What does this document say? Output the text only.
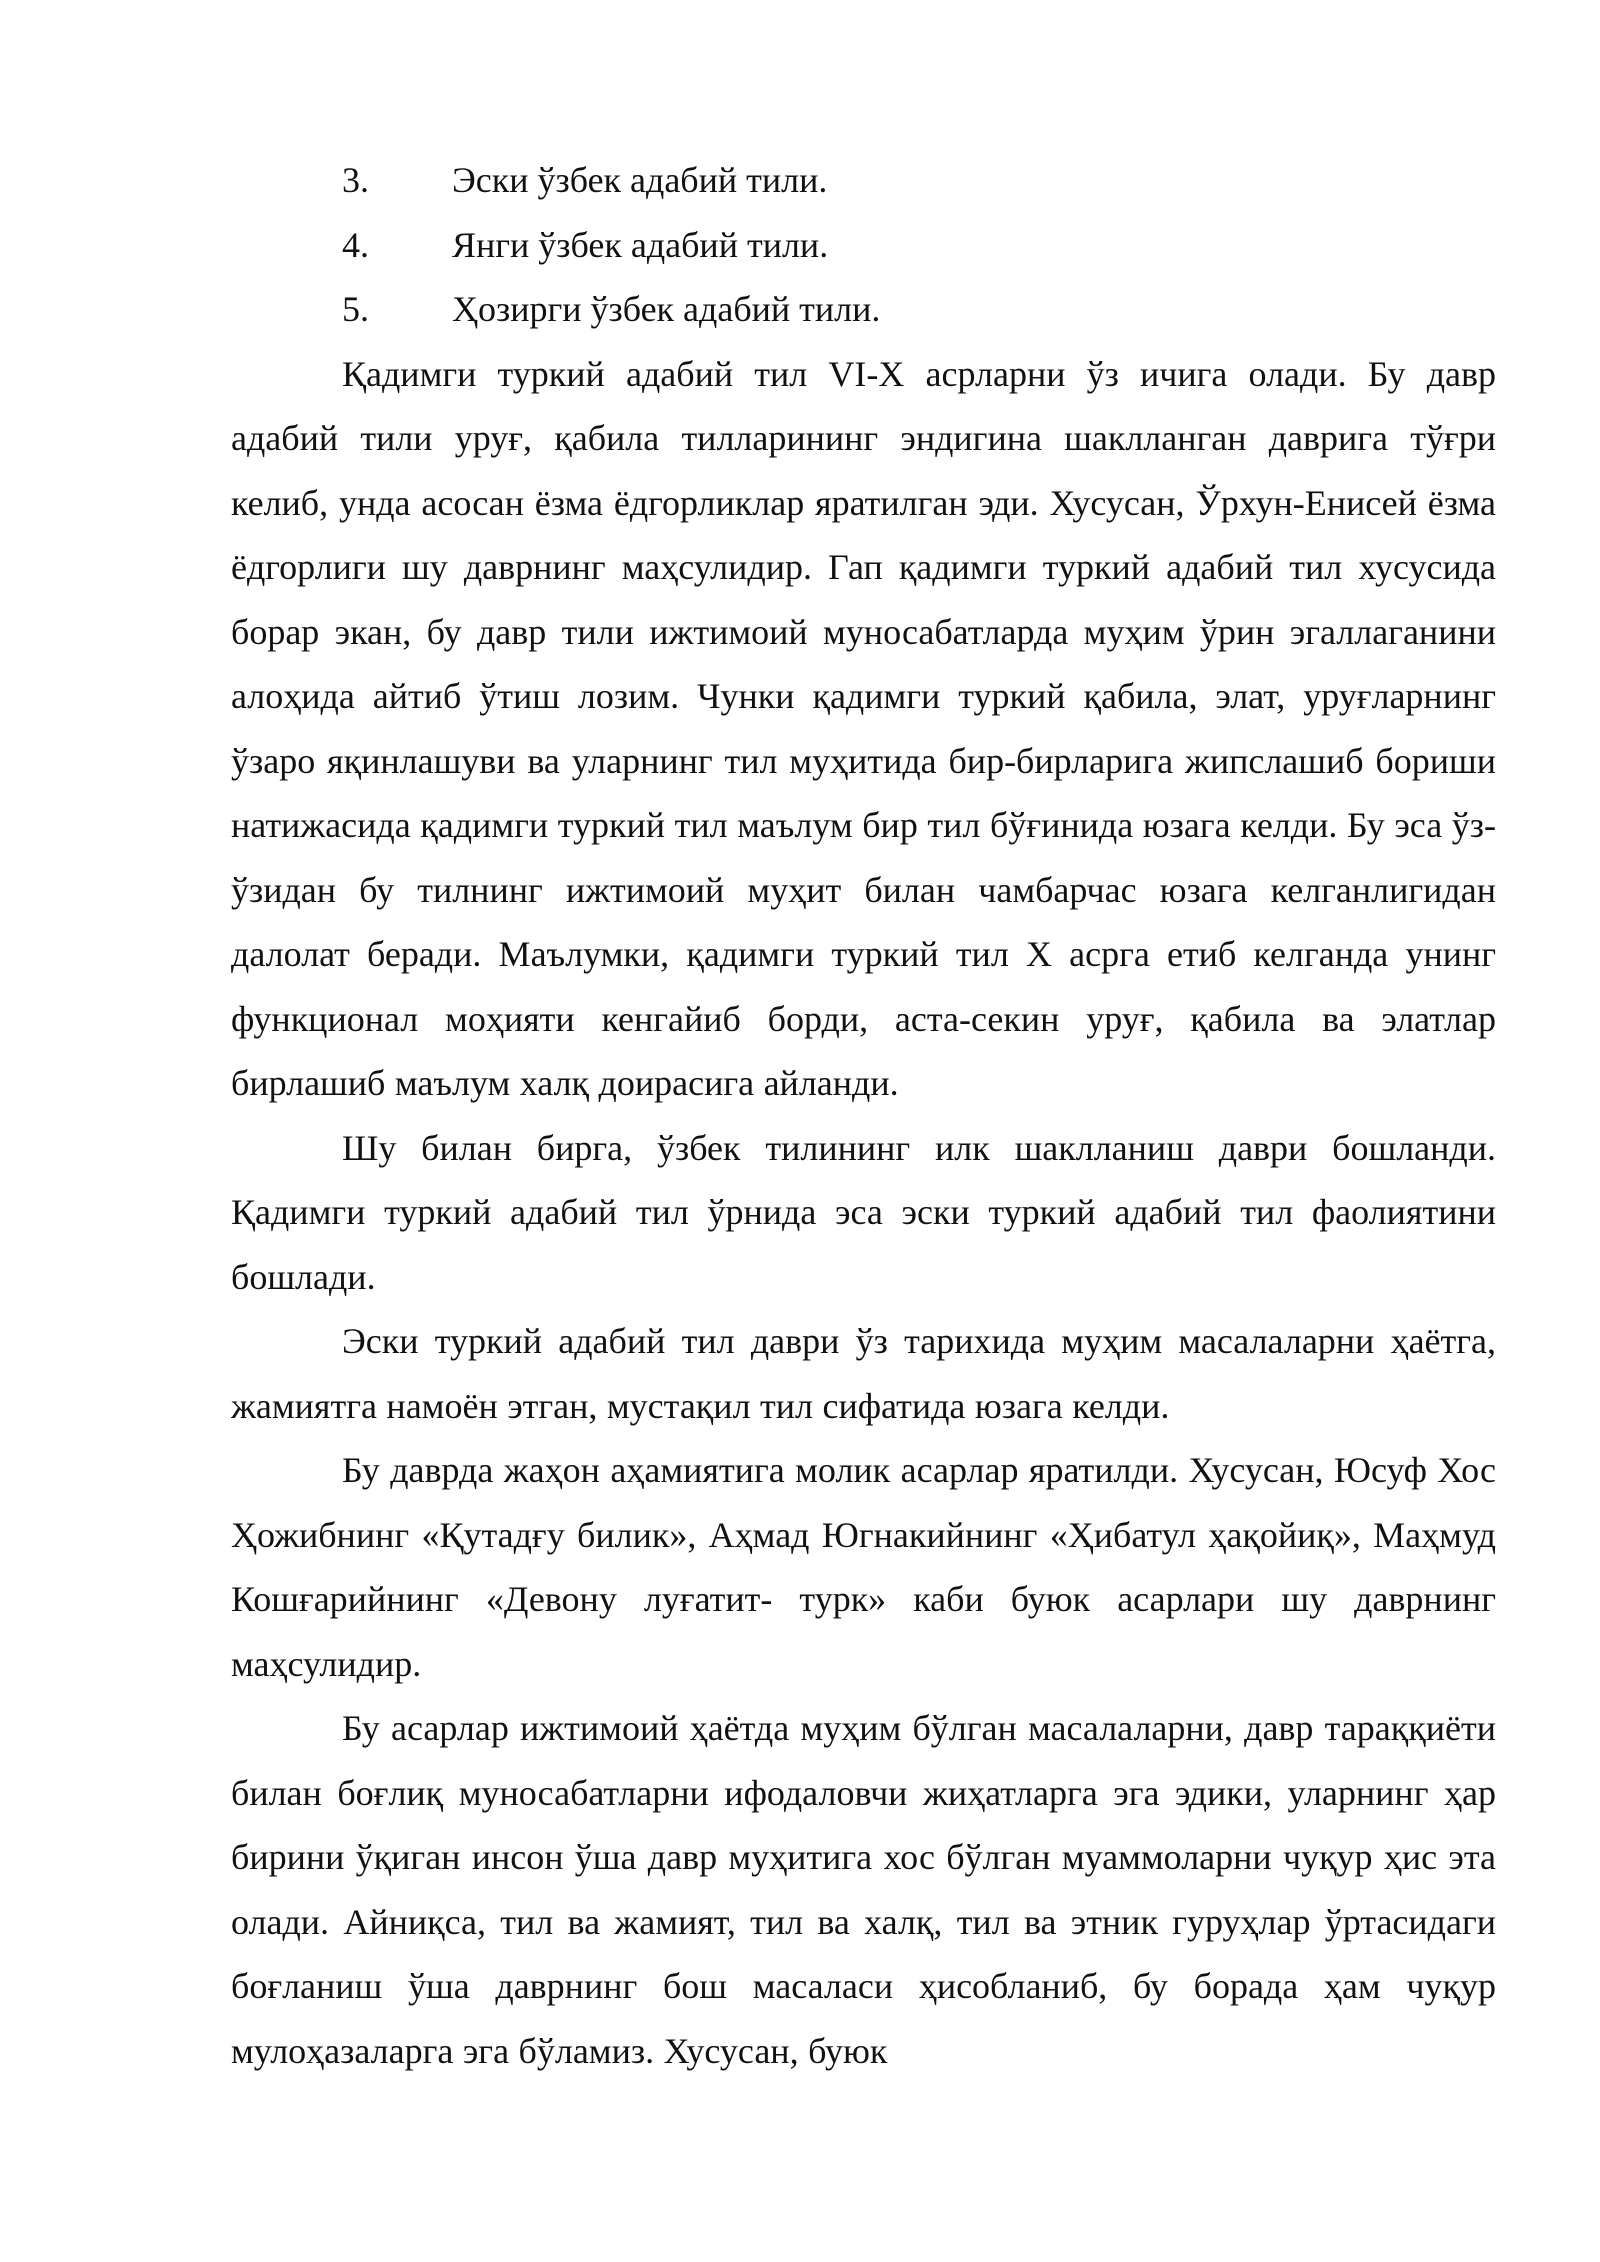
3. Эски ўзбек адабий тили.
4. Янги ўзбек адабий тили.
5. Ҳозирги ўзбек адабий тили.

Қадимги туркий адабий тил VI-X асрларни ўз ичига олади. Бу давр адабий тили уруғ, қабила тилларининг эндигина шаклланган даврига тўғри келиб, унда асосан ёзма ёдгорликлар яратилган эди. Хусусан, Ўрхун-Енисей ёзма ёдгорлиги шу даврнинг маҳсулидир. Гап қадимги туркий адабий тил хусусида борар экан, бу давр тили ижтимоий муносабатларда муҳим ўрин эгаллаганини алоҳида айтиб ўтиш лозим. Чунки қадимги туркий қабила, элат, уруғларнинг ўзаро яқинлашуви ва уларнинг тил муҳитида бир-бирларига жипслашиб бориши натижасида қадимги туркий тил маълум бир тил бўғинида юзага келди. Бу эса ўз-ўзидан бу тилнинг ижтимоий муҳит билан чамбарчас юзага келганлигидан далолат беради. Маълумки, қадимги туркий тил X асрга етиб келганда унинг функционал моҳияти кенгайиб борди, аста-секин уруғ, қабила ва элатлар бирлашиб маълум халқ доирасига айланди.

Шу билан бирга, ўзбек тилининг илк шаклланиш даври бошланди. Қадимги туркий адабий тил ўрнида эса эски туркий адабий тил фаолиятини бошлади.

Эски туркий адабий тил даври ўз тарихида муҳим масалаларни ҳаётга, жамиятга намоён этган, мустақил тил сифатида юзага келди.

Бу даврда жаҳон аҳамиятига молик асарлар яратилди. Хусусан, Юсуф Хос Ҳожибнинг «Қутадғу билик», Аҳмад Югнакийнинг «Ҳибатул ҳақойиқ», Маҳмуд Кошғарийнинг «Девону луғатит- турк» каби буюк асарлари шу даврнинг маҳсулидир.

Бу асарлар ижтимоий ҳаётда муҳим бўлган масалаларни, давр тараққиёти билан боғлиқ муносабатларни ифодаловчи жиҳатларга эга эдики, уларнинг ҳар бирини ўқиган инсон ўша давр муҳитига хос бўлган муаммоларни чуқур ҳис эта олади. Айниқса, тил ва жамият, тил ва халқ, тил ва этник гуруҳлар ўртасидаги боғланиш ўша даврнинг бош масаласи ҳисобланиб, бу борада ҳам чуқур мулоҳазаларга эга бўламиз. Хусусан, буюк
